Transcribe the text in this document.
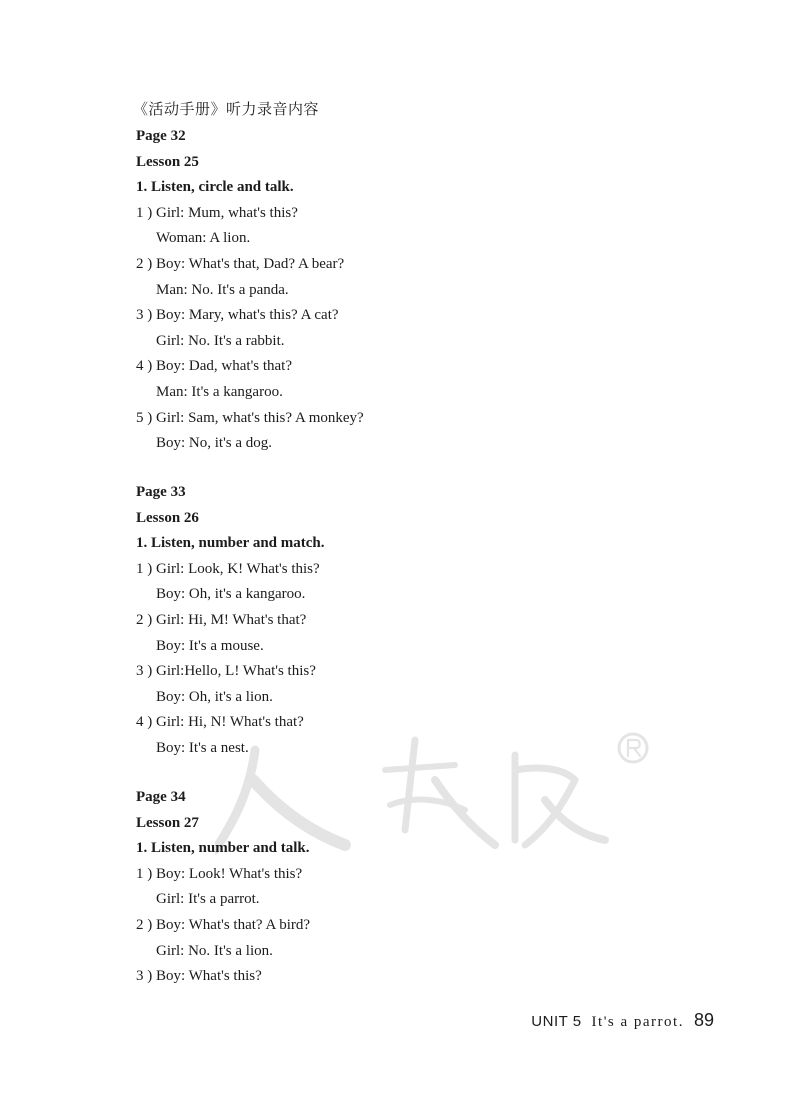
《活动手册》听力录音内容
Page 32
Lesson 25
1. Listen, circle and talk.
1 ) Girl: Mum, what's this?
Woman: A lion.
2 ) Boy: What's that, Dad? A bear?
Man: No. It's a panda.
3 ) Boy: Mary, what's this? A cat?
Girl: No. It's a rabbit.
4 ) Boy: Dad, what's that?
Man: It's a kangaroo.
5 ) Girl: Sam, what's this? A monkey?
Boy: No, it's a dog.
Page 33
Lesson 26
1. Listen, number and match.
1 ) Girl: Look, K! What's this?
Boy: Oh, it's a kangaroo.
2 ) Girl: Hi, M! What's that?
Boy: It's a mouse.
3 ) Girl:Hello, L! What's this?
Boy: Oh, it's a lion.
4 ) Girl: Hi, N! What's that?
Boy: It's a nest.
Page 34
Lesson 27
1. Listen, number and talk.
1 ) Boy: Look! What's this?
Girl: It's a parrot.
2 ) Boy: What's that? A bird?
Girl: No. It's a lion.
3 ) Boy: What's this?
UNIT 5 It's a parrot. 89
